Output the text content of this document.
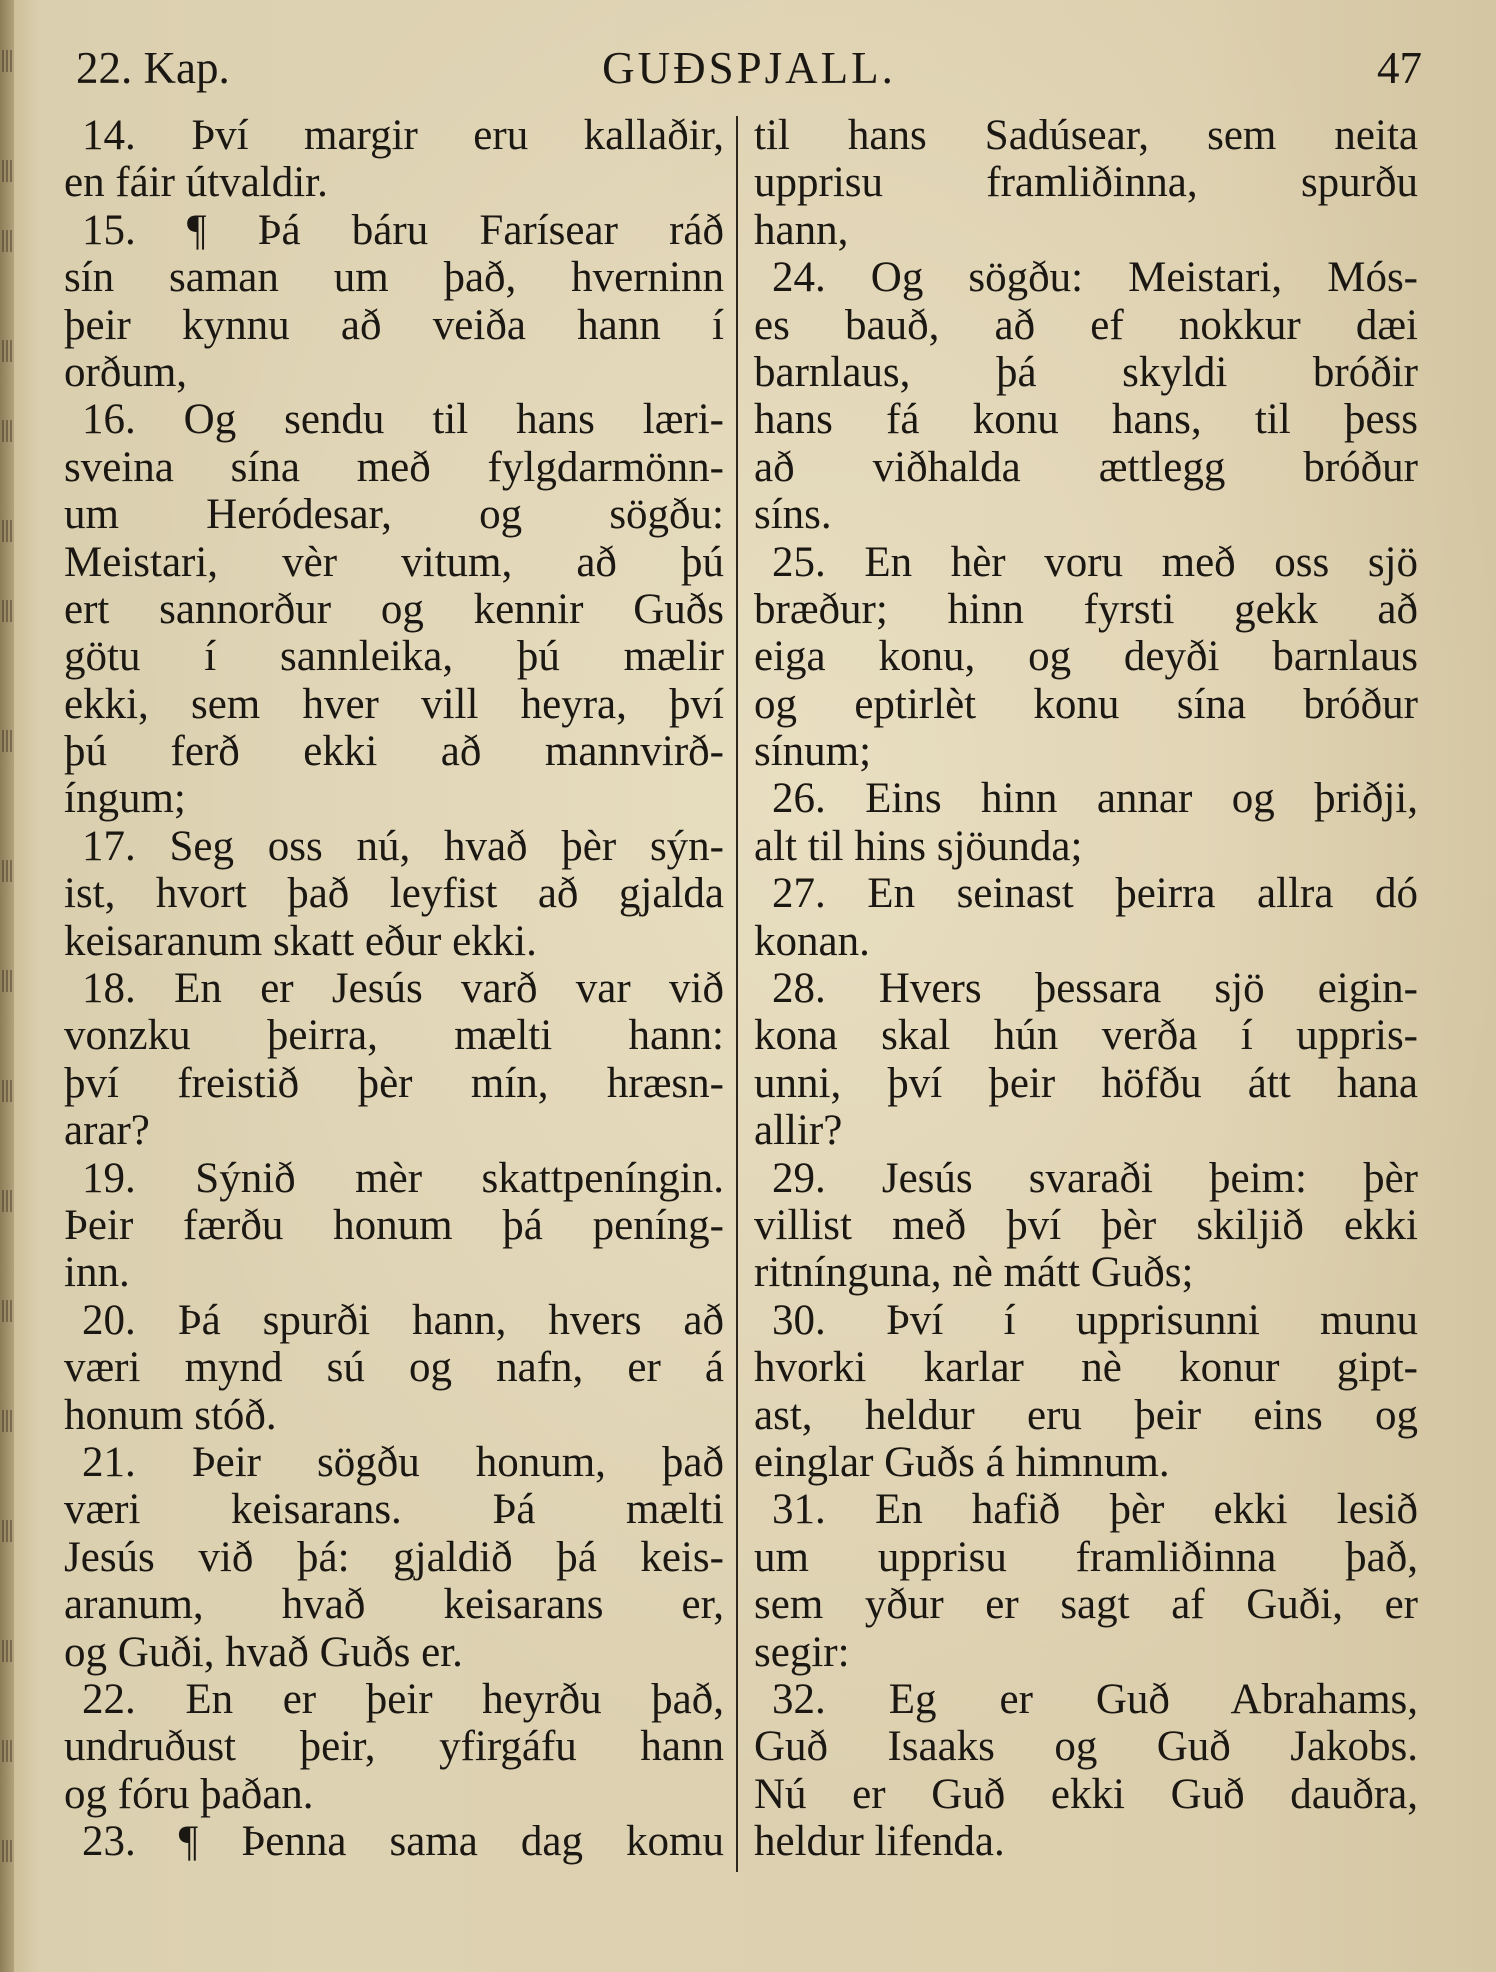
22. Kap.	GUÐSPJALL.	47
14. Því margir eru kallaðir,
en fáir útvaldir.
15. ¶ Þá báru Farísear ráð
sín saman um það, hverninn
þeir kynnu að veiða hann í
orðum,
16. Og sendu til hans læri-
sveina sína með fylgdarmönn-
um Heródesar, og sögðu:
Meistari, vèr vitum, að þú
ert sannorður og kennir Guðs
götu í sannleika, þú mælir
ekki, sem hver vill heyra, því
þú ferð ekki að mannvirð-
íngum;
17. Seg oss nú, hvað þèr sýn-
ist, hvort það leyfist að gjalda
keisaranum skatt eður ekki.
18. En er Jesús varð var við
vonzku þeirra, mælti hann:
því freistið þèr mín, hræsn-
arar?
19. Sýnið mèr skattpeníngin.
Þeir færðu honum þá peníng-
inn.
20. Þá spurði hann, hvers að
væri mynd sú og nafn, er á
honum stóð.
21. Þeir sögðu honum, það
væri keisarans. Þá mælti
Jesús við þá: gjaldið þá keis-
aranum, hvað keisarans er,
og Guði, hvað Guðs er.
22. En er þeir heyrðu það,
undruðust þeir, yfirgáfu hann
og fóru þaðan.
23. ¶ Þenna sama dag komu
til hans Sadúsear, sem neita
upprisu framliðinna, spurðu
hann,
24. Og sögðu: Meistari, Mós-
es bauð, að ef nokkur dæi
barnlaus, þá skyldi bróðir
hans fá konu hans, til þess
að viðhalda ættlegg bróður
síns.
25. En hèr voru með oss sjö
bræður; hinn fyrsti gekk að
eiga konu, og deyði barnlaus
og eptirlèt konu sína bróður
sínum;
26. Eins hinn annar og þriðji,
alt til hins sjöunda;
27. En seinast þeirra allra dó
konan.
28. Hvers þessara sjö eigin-
kona skal hún verða í uppris-
unni, því þeir höfðu átt hana
allir?
29. Jesús svaraði þeim: þèr
villist með því þèr skiljið ekki
ritnínguna, nè mátt Guðs;
30. Því í upprisunni munu
hvorki karlar nè konur gipt-
ast, heldur eru þeir eins og
einglar Guðs á himnum.
31. En hafið þèr ekki lesið
um upprisu framliðinna það,
sem yður er sagt af Guði, er
segir:
32. Eg er Guð Abrahams,
Guð Isaaks og Guð Jakobs.
Nú er Guð ekki Guð dauðra,
heldur lifenda.
